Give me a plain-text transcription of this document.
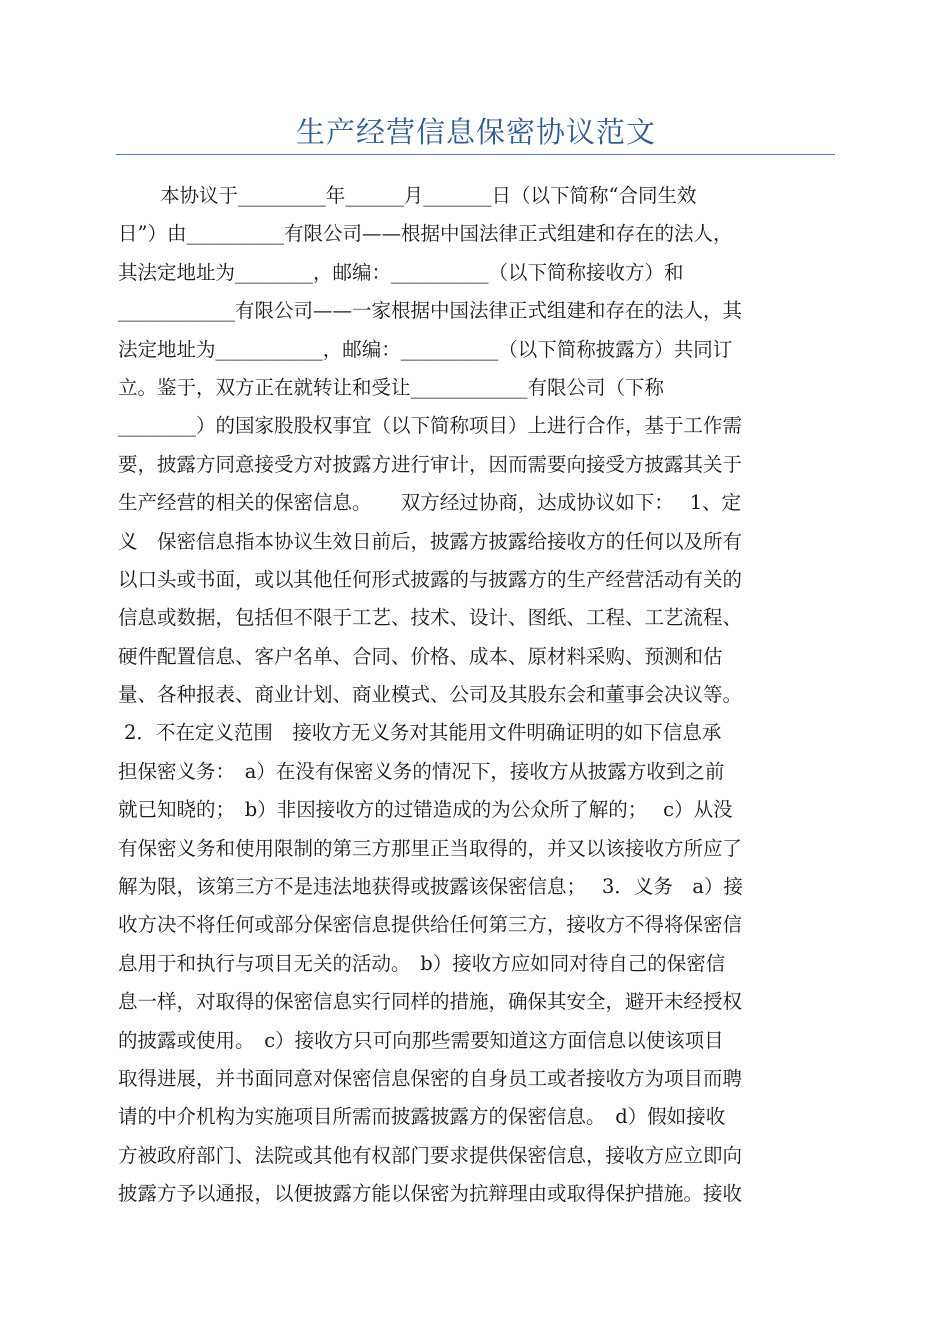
生产经营信息保密协议范文
本协议于_________年______月_______日（以下简称“合同生效
日”）由__________有限公司——根据中国法律正式组建和存在的法人，
其法定地址为________，邮编：__________（以下简称接收方）和
____________有限公司——一家根据中国法律正式组建和存在的法人，其
法定地址为___________，邮编：__________（以下简称披露方）共同订
立。鉴于，双方正在就转让和受让____________有限公司（下称
________）的国家股股权事宜（以下简称项目）上进行合作，基于工作需
要，披露方同意接受方对披露方进行审计，因而需要向接受方披露其关于
生产经营的相关的保密信息。　　双方经过协商，达成协议如下：　 1、定
义　保密信息指本协议生效日前后，披露方披露给接收方的任何以及所有
以口头或书面，或以其他任何形式披露的与披露方的生产经营活动有关的
信息或数据，包括但不限于工艺、技术、设计、图纸、工程、工艺流程、
硬件配置信息、客户名单、合同、价格、成本、原材料采购、预测和估
量、各种报表、商业计划、商业模式、公司及其股东会和董事会决议等。
2．不在定义范围　接收方无义务对其能用文件明确证明的如下信息承
担保密义务：　a）在没有保密义务的情况下，接收方从披露方收到之前
就已知晓的；　b）非因接收方的过错造成的为公众所了解的；　 c）从没
有保密义务和使用限制的第三方那里正当取得的，并又以该接收方所应了
解为限，该第三方不是违法地获得或披露该保密信息；　 3．义务　a）接
收方决不将任何或部分保密信息提供给任何第三方，接收方不得将保密信
息用于和执行与项目无关的活动。　b）接收方应如同对待自己的保密信
息一样，对取得的保密信息实行同样的措施，确保其安全，避开未经授权
的披露或使用。　c）接收方只可向那些需要知道这方面信息以使该项目
取得进展，并书面同意对保密信息保密的自身员工或者接收方为项目而聘
请的中介机构为实施项目所需而披露披露方的保密信息。　d）假如接收
方被政府部门、法院或其他有权部门要求提供保密信息，接收方应立即向
披露方予以通报，以便披露方能以保密为抗辩理由或取得保护措施。接收
